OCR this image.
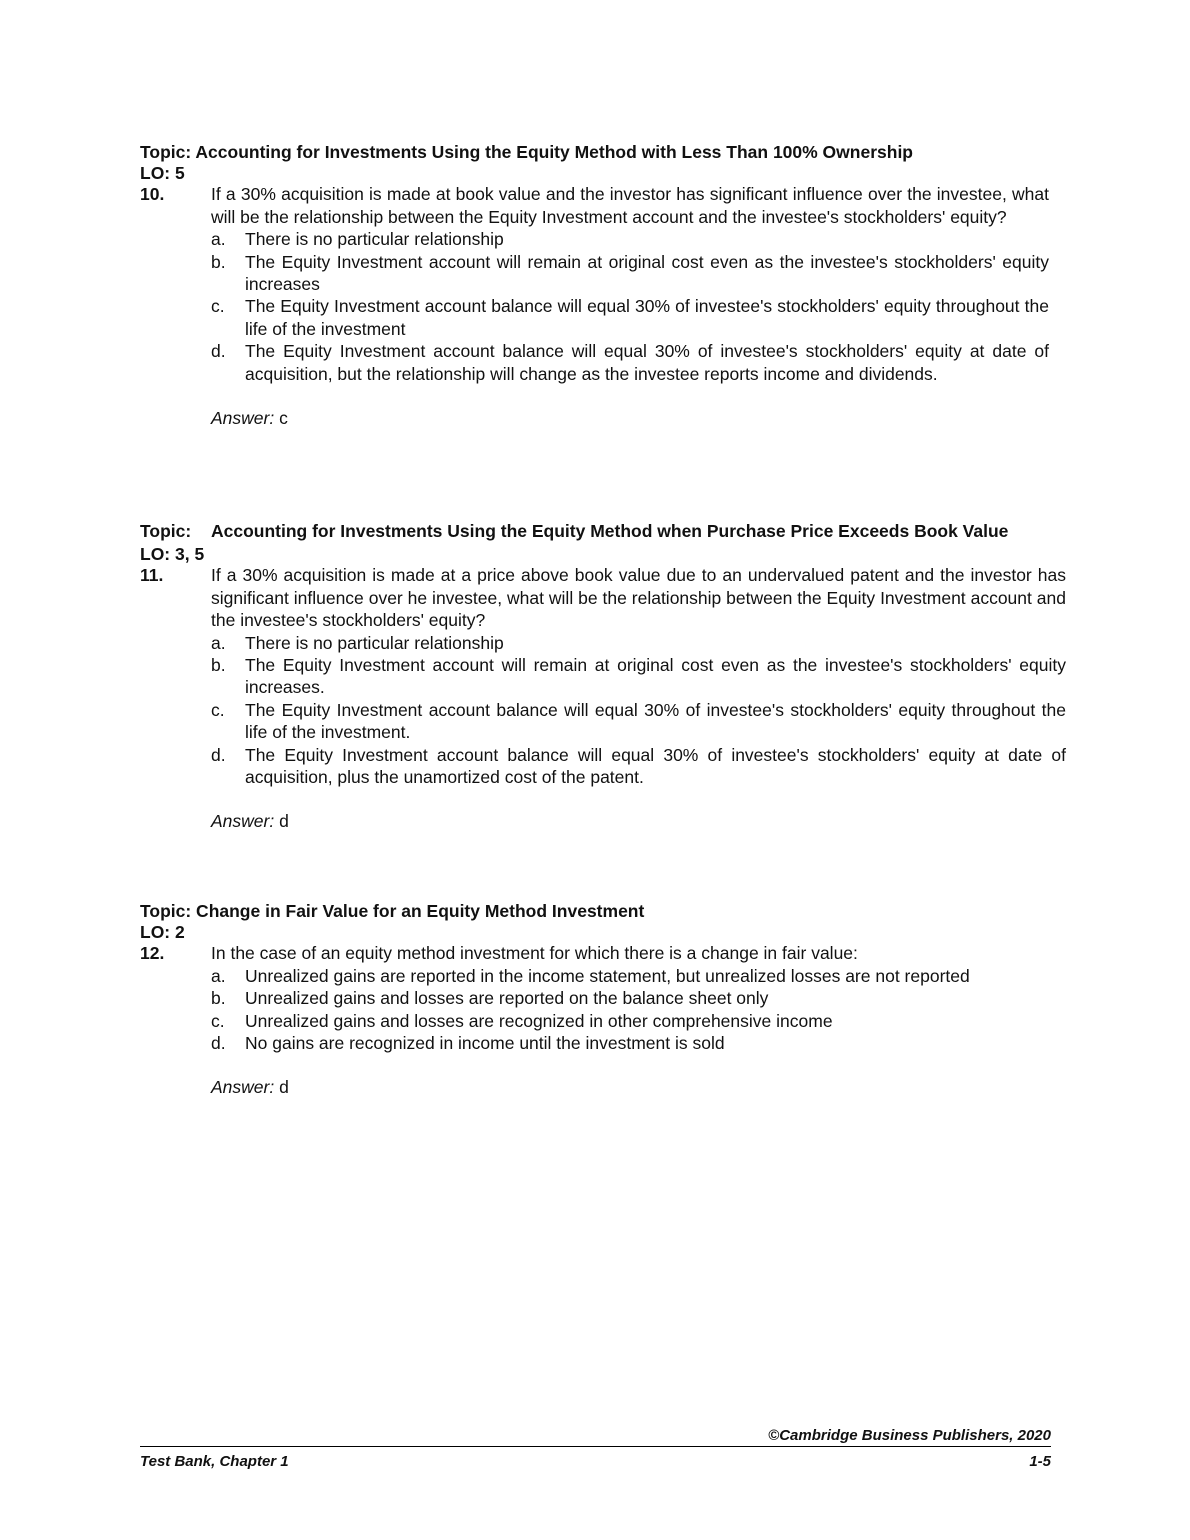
Topic: Accounting for Investments Using the Equity Method with Less Than 100% Ownership
LO: 5
10.	If a 30% acquisition is made at book value and the investor has significant influence over the investee, what will be the relationship between the Equity Investment account and the investee's stockholders' equity?
a.	There is no particular relationship
b.	The Equity Investment account will remain at original cost even as the investee's stockholders' equity increases
c.	The Equity Investment account balance will equal 30% of investee's stockholders' equity throughout the life of the investment
d.	The Equity Investment account balance will equal 30% of investee's stockholders' equity at date of acquisition, but the relationship will change as the investee reports income and dividends.
Answer: c
Topic:	Accounting for Investments Using the Equity Method when Purchase Price Exceeds Book Value
LO: 3, 5
11.	If a 30% acquisition is made at a price above book value due to an undervalued patent and the investor has significant influence over he investee, what will be the relationship between the Equity Investment account and the investee's stockholders' equity?
a.	There is no particular relationship
b.	The Equity Investment account will remain at original cost even as the investee's stockholders' equity increases.
c.	The Equity Investment account balance will equal 30% of investee's stockholders' equity throughout the life of the investment.
d.	The Equity Investment account balance will equal 30% of investee's stockholders' equity at date of acquisition, plus the unamortized cost of the patent.
Answer: d
Topic: Change in Fair Value for an Equity Method Investment
LO: 2
12.	In the case of an equity method investment for which there is a change in fair value:
a.	Unrealized gains are reported in the income statement, but unrealized losses are not reported
b.	Unrealized gains and losses are reported on the balance sheet only
c.	Unrealized gains and losses are recognized in other comprehensive income
d.	No gains are recognized in income until the investment is sold
Answer: d
©Cambridge Business Publishers, 2020
Test Bank, Chapter 1	1-5
